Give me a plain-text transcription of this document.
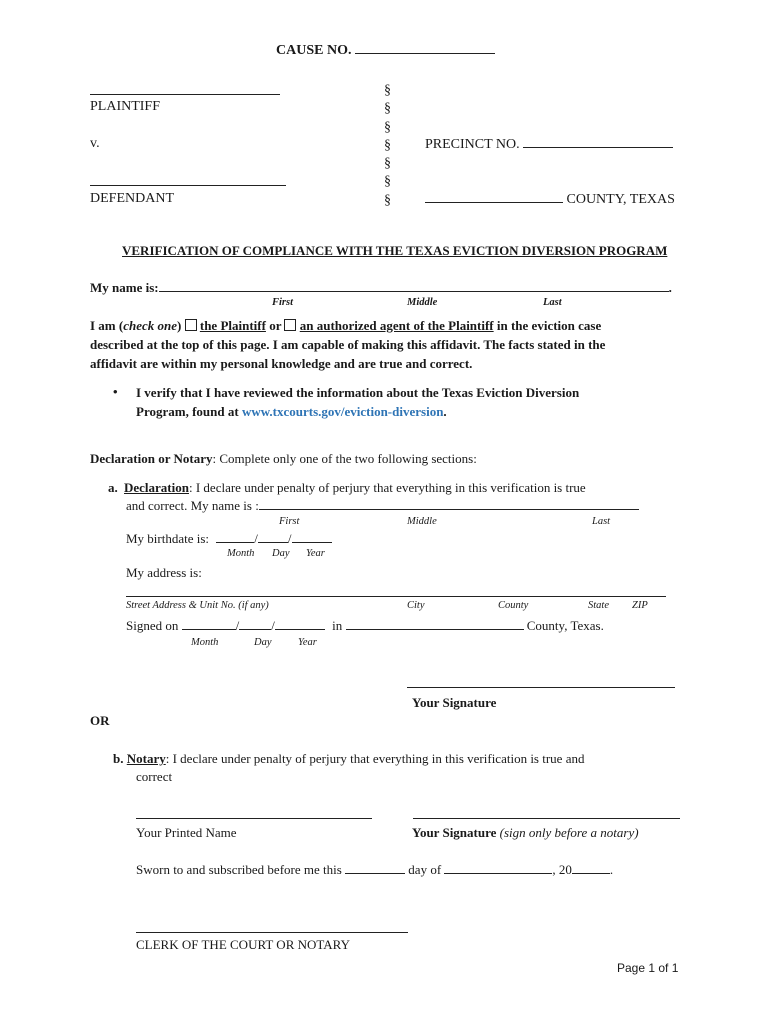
CAUSE NO.
PLAINTIFF
v.
DEFENDANT
§
§
§
§
§
§
§
PRECINCT NO.
COUNTY, TEXAS
VERIFICATION OF COMPLIANCE WITH THE TEXAS EVICTION DIVERSION PROGRAM
My name is:	.
First	Middle	Last
I am (check one) the Plaintiff or an authorized agent of the Plaintiff in the eviction case
described at the top of this page. I am capable of making this affidavit. The facts stated in the
affidavit are within my personal knowledge and are true and correct.
• I verify that I have reviewed the information about the Texas Eviction Diversion
Program, found at www.txcourts.gov/eviction-diversion.
Declaration or Notary: Complete only one of the two following sections:
a. Declaration: I declare under penalty of perjury that everything in this verification is true
and correct. My name is :
First	Middle	Last
My birthdate is:	/ /
Month Day Year
My address is:
Street Address & Unit No. (if any)	City	County	State ZIP
Signed on	/ /	in	County, Texas.
Month	Day	Year
Your Signature
OR
b. Notary: I declare under penalty of perjury that everything in this verification is true and
correct
Your Printed Name	Your Signature (sign only before a notary)
Sworn to and subscribed before me this	day of	, 20	.
CLERK OF THE COURT OR NOTARY
Page 1 of 1
